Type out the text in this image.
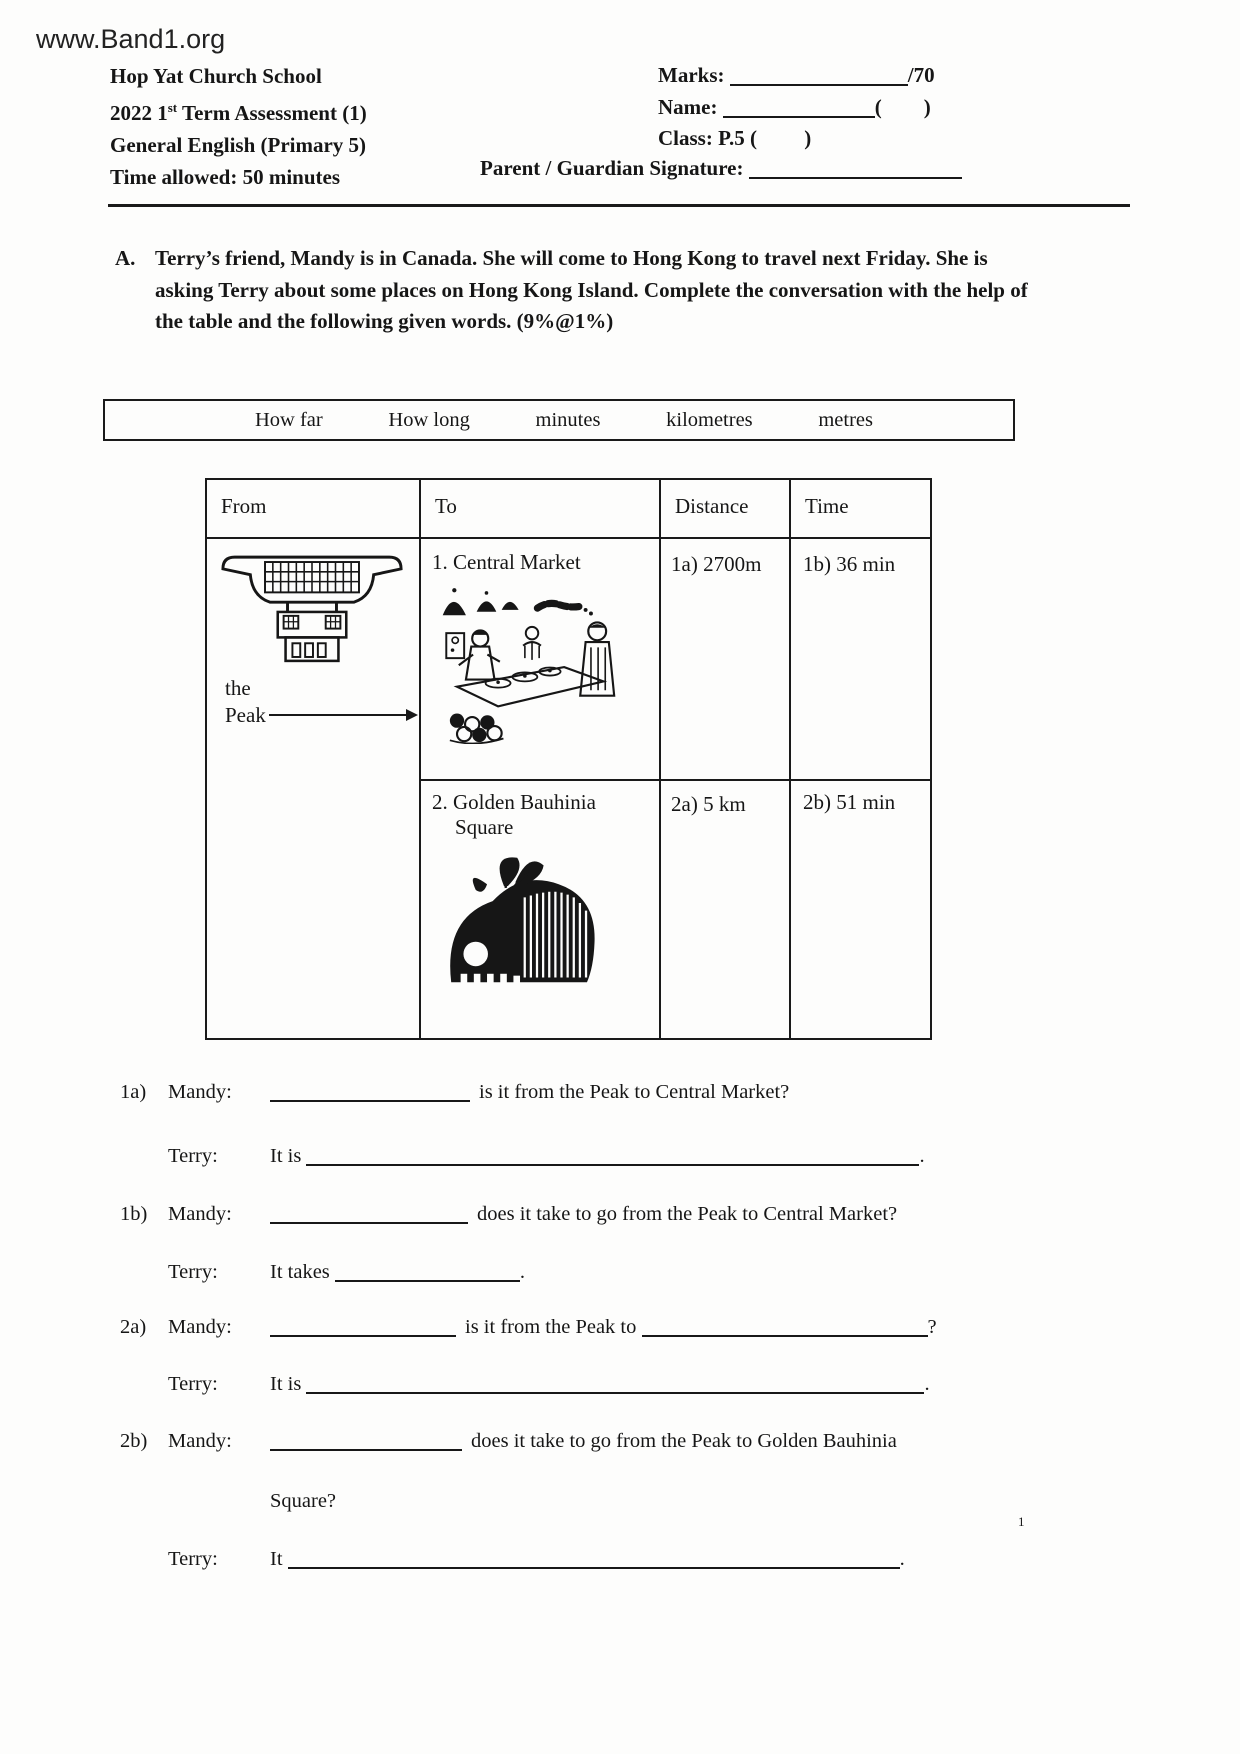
www.Band1.org
Hop Yat Church School
2022 1st Term Assessment (1)
General English (Primary 5)
Time allowed: 50 minutes
Marks:	/70
Name:	(        )
Class: P.5 (         )
Parent / Guardian Signature:
A. Terry’s friend, Mandy is in Canada. She will come to Hong Kong to travel next Friday. She is asking Terry about some places on Hong Kong Island. Complete the conversation with the help of the table and the following given words. (9%@1%)
How far	How long	minutes	kilometres	metres
From	To	Distance	Time
the
Peak
1. Central Market	1a) 2700m	1b) 36 min
2. Golden Bauhinia
Square
2a) 5 km	2b) 51 min
1a) Mandy:	is it from the Peak to Central Market?
Terry:	It is	.
1b) Mandy:	does it take to go from the Peak to Central Market?
Terry:	It takes	.
2a) Mandy:	is it from the Peak to	?
Terry:	It is	.
2b) Mandy:	does it take to go from the Peak to Golden Bauhinia
Square?
Terry:	It	.
1
